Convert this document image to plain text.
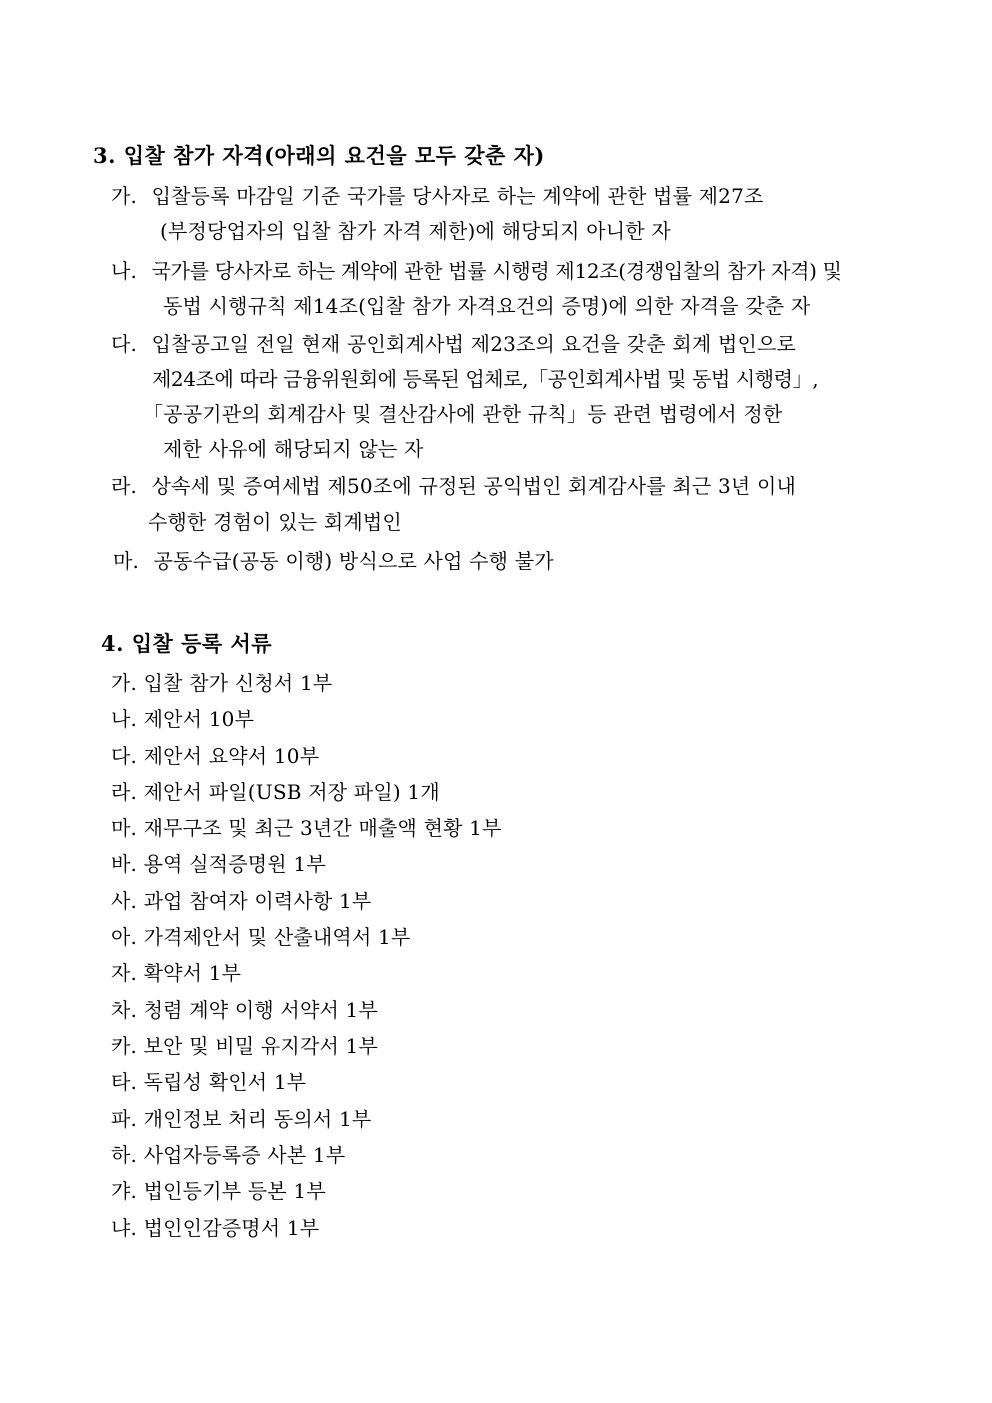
3. 입찰 참가 자격(아래의 요건을 모두 갖춘 자)
가. 입찰등록 마감일 기준 국가를 당사자로 하는 계약에 관한 법률 제27조
(부정당업자의 입찰 참가 자격 제한)에 해당되지 아니한 자
나. 국가를 당사자로 하는 계약에 관한 법률 시행령 제12조(경쟁입찰의 참가 자격) 및
동법 시행규칙 제14조(입찰 참가 자격요건의 증명)에 의한 자격을 갖춘 자
다. 입찰공고일 전일 현재 공인회계사법 제23조의 요건을 갖춘 회계 법인으로
제24조에 따라 금융위원회에 등록된 업체로,「공인회계사법 및 동법 시행령」,
「공공기관의 회계감사 및 결산감사에 관한 규칙」등 관련 법령에서 정한
제한 사유에 해당되지 않는 자
라. 상속세 및 증여세법 제50조에 규정된 공익법인 회계감사를 최근 3년 이내
수행한 경험이 있는 회계법인
마. 공동수급(공동 이행) 방식으로 사업 수행 불가
4. 입찰 등록 서류
가. 입찰 참가 신청서 1부
나. 제안서 10부
다. 제안서 요약서 10부
라. 제안서 파일(USB 저장 파일) 1개
마. 재무구조 및 최근 3년간 매출액 현황 1부
바. 용역 실적증명원 1부
사. 과업 참여자 이력사항 1부
아. 가격제안서 및 산출내역서 1부
자. 확약서 1부
차. 청렴 계약 이행 서약서 1부
카. 보안 및 비밀 유지각서 1부
타. 독립성 확인서 1부
파. 개인정보 처리 동의서 1부
하. 사업자등록증 사본 1부
갸. 법인등기부 등본 1부
냐. 법인인감증명서 1부
